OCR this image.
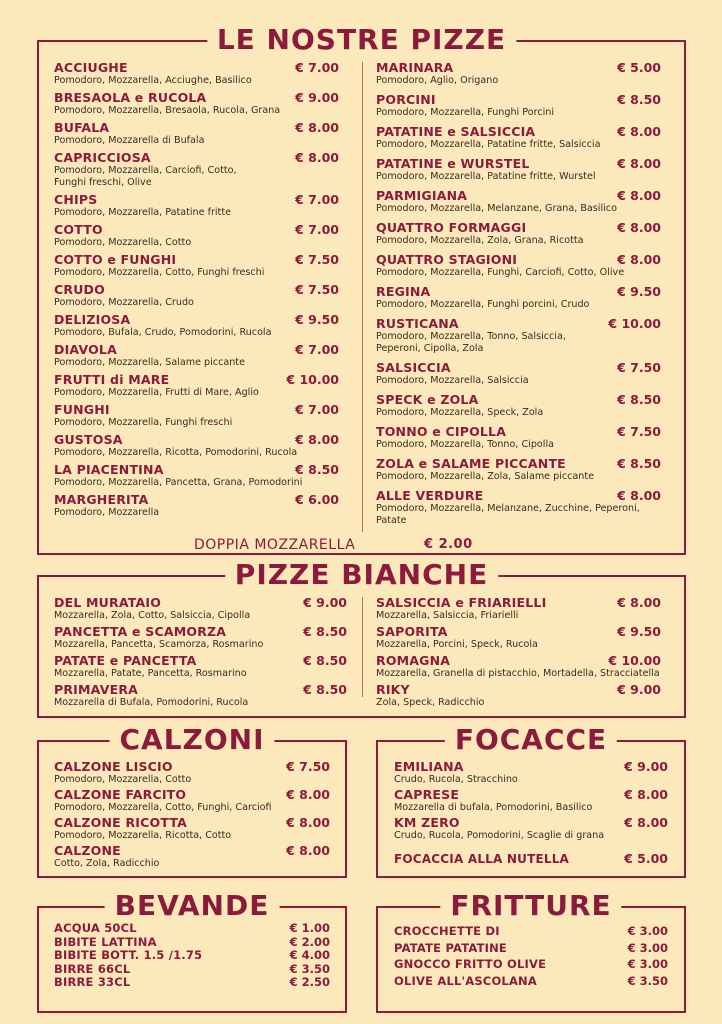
LE NOSTRE PIZZE
ACCIUGHE	€ 7.00
Pomodoro, Mozzarella, Acciughe, Basilico
BRESAOLA e RUCOLA	€ 9.00
Pomodoro, Mozzarella, Bresaola, Rucola, Grana
BUFALA	€ 8.00
Pomodoro, Mozzarella di Bufala
CAPRICCIOSA	€ 8.00
Pomodoro, Mozzarella, Carciofi, Cotto,
Funghi freschi, Olive
CHIPS	€ 7.00
Pomodoro, Mozzarella, Patatine fritte
COTTO	€ 7.00
Pomodoro, Mozzarella, Cotto
COTTO e FUNGHI	€ 7.50
Pomodoro, Mozzarella, Cotto, Funghi freschi
CRUDO	€ 7.50
Pomodoro, Mozzarella, Crudo
DELIZIOSA	€ 9.50
Pomodoro, Bufala, Crudo, Pomodorini, Rucola
DIAVOLA	€ 7.00
Pomodoro, Mozzarella, Salame piccante
FRUTTI di MARE	€ 10.00
Pomodoro, Mozzarella, Frutti di Mare, Aglio
FUNGHI	€ 7.00
Pomodoro, Mozzarella, Funghi freschi
GUSTOSA	€ 8.00
Pomodoro, Mozzarella, Ricotta, Pomodorini, Rucola
LA PIACENTINA	€ 8.50
Pomodoro, Mozzarella, Pancetta, Grana, Pomodorini
MARGHERITA	€ 6.00
Pomodoro, Mozzarella
MARINARA	€ 5.00
Pomodoro, Aglio, Origano
PORCINI	€ 8.50
Pomodoro, Mozzarella, Funghi Porcini
PATATINE e SALSICCIA	€ 8.00
Pomodoro, Mozzarella, Patatine fritte, Salsiccia
PATATINE e WURSTEL	€ 8.00
Pomodoro, Mozzarella, Patatine fritte, Wurstel
PARMIGIANA	€ 8.00
Pomodoro, Mozzarella, Melanzane, Grana, Basilico
QUATTRO FORMAGGI	€ 8.00
Pomodoro, Mozzarella, Zola, Grana, Ricotta
QUATTRO STAGIONI	€ 8.00
Pomodoro, Mozzarella, Funghi, Carciofi, Cotto, Olive
REGINA	€ 9.50
Pomodoro, Mozzarella, Funghi porcini, Crudo
RUSTICANA	€ 10.00
Pomodoro, Mozzarella, Tonno, Salsiccia,
Peperoni, Cipolla, Zola
SALSICCIA	€ 7.50
Pomodoro, Mozzarella, Salsiccia
SPECK e ZOLA	€ 8.50
Pomodoro, Mozzarella, Speck, Zola
TONNO e CIPOLLA	€ 7.50
Pomodoro, Mozzarella, Tonno, Cipolla
ZOLA e SALAME PICCANTE	€ 8.50
Pomodoro, Mozzarella, Zola, Salame piccante
ALLE VERDURE	€ 8.00
Pomodoro, Mozzarella, Melanzane, Zucchine, Peperoni, Patate
DOPPIA MOZZARELLA	€ 2.00
PIZZE BIANCHE
DEL MURATAIO	€ 9.00
Mozzarella, Zola, Cotto, Salsiccia, Cipolla
PANCETTA e SCAMORZA	€ 8.50
Mozzarella, Pancetta, Scamorza, Rosmarino
PATATE e PANCETTA	€ 8.50
Mozzarella, Patate, Pancetta, Rosmarino
PRIMAVERA	€ 8.50
Mozzarella di Bufala, Pomodorini, Rucola
SALSICCIA e FRIARIELLI	€ 8.00
Mozzarella, Salsiccia, Friarielli
SAPORITA	€ 9.50
Mozzarella, Porcini, Speck, Rucola
ROMAGNA	€ 10.00
Mozzarella, Granella di pistacchio, Mortadella, Stracciatella
RIKY	€ 9.00
Zola, Speck, Radicchio
CALZONI
CALZONE LISCIO	€ 7.50
Pomodoro, Mozzarella, Cotto
CALZONE FARCITO	€ 8.00
Pomodoro, Mozzarella, Cotto, Funghi, Carciofi
CALZONE RICOTTA	€ 8.00
Pomodoro, Mozzarella, Ricotta, Cotto
CALZONE	€ 8.00
Cotto, Zola, Radicchio
FOCACCE
EMILIANA	€ 9.00
Crudo, Rucola, Stracchino
CAPRESE	€ 8.00
Mozzarella di bufala, Pomodorini, Basilico
KM ZERO	€ 8.00
Crudo, Rucola, Pomodorini, Scaglie di grana
FOCACCIA ALLA NUTELLA	€ 5.00
BEVANDE
ACQUA 50CL	€ 1.00
BIBITE LATTINA	€ 2.00
BIBITE BOTT. 1.5 /1.75	€ 4.00
BIRRE 66CL	€ 3.50
BIRRE 33CL	€ 2.50
FRITTURE
CROCCHETTE DI	€ 3.00
PATATE PATATINE	€ 3.00
GNOCCO FRITTO OLIVE	€ 3.00
OLIVE ALL'ASCOLANA	€ 3.50
